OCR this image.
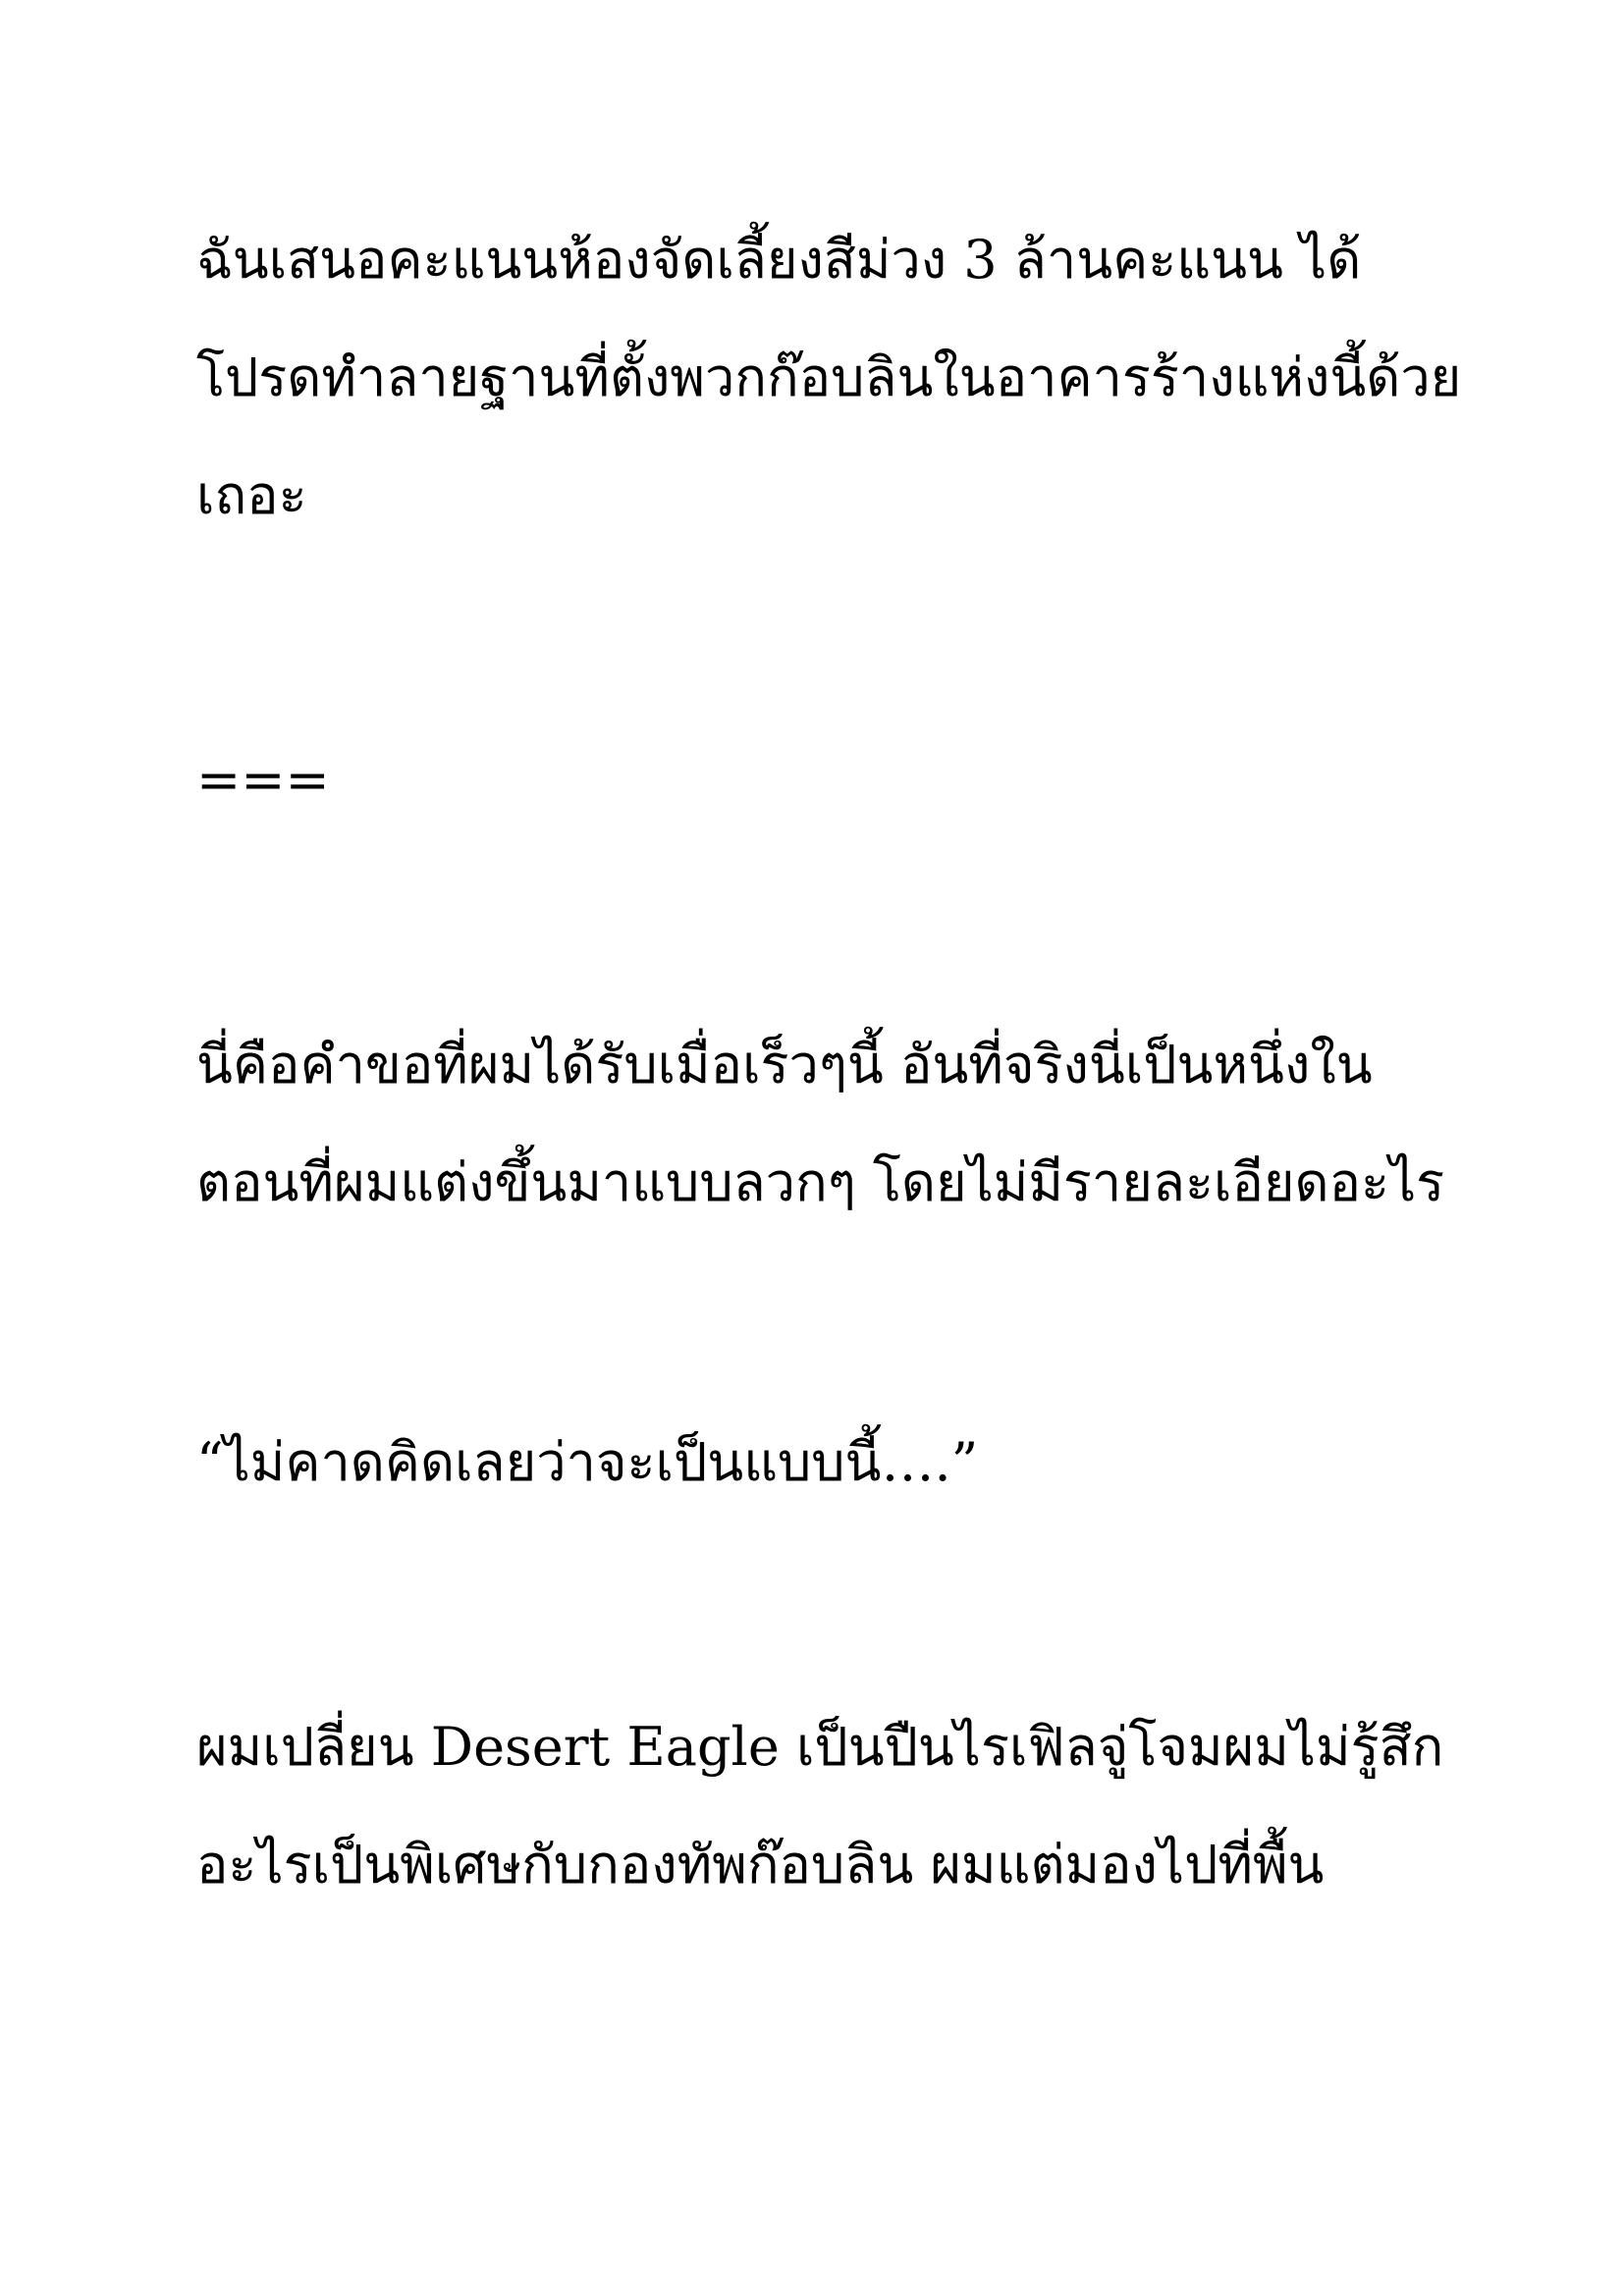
ฉันเสนอคะแนนห้องจัดเลี้ยงสีม่วง 3 ล้านคะแนน ได้

โปรดทำลายฐานที่ตั้งพวกก๊อบลินในอาคารร้างแห่งนี้ด้วย

เถอะ

===

นี่คือคำขอที่ผมได้รับเมื่อเร็วๆนี้ อันที่จริงนี่เป็นหนึ่งใน

ตอนที่ผมแต่งขึ้นมาแบบลวกๆ โดยไม่มีรายละเอียดอะไร

“ไม่คาดคิดเลยว่าจะเป็นแบบนี้….”

ผมเปลี่ยน Desert Eagle เป็นปืนไรเฟิลจู่โจมผมไม่รู้สึก

อะไรเป็นพิเศษกับกองทัพก๊อบลิน ผมแต่มองไปที่พื้น
